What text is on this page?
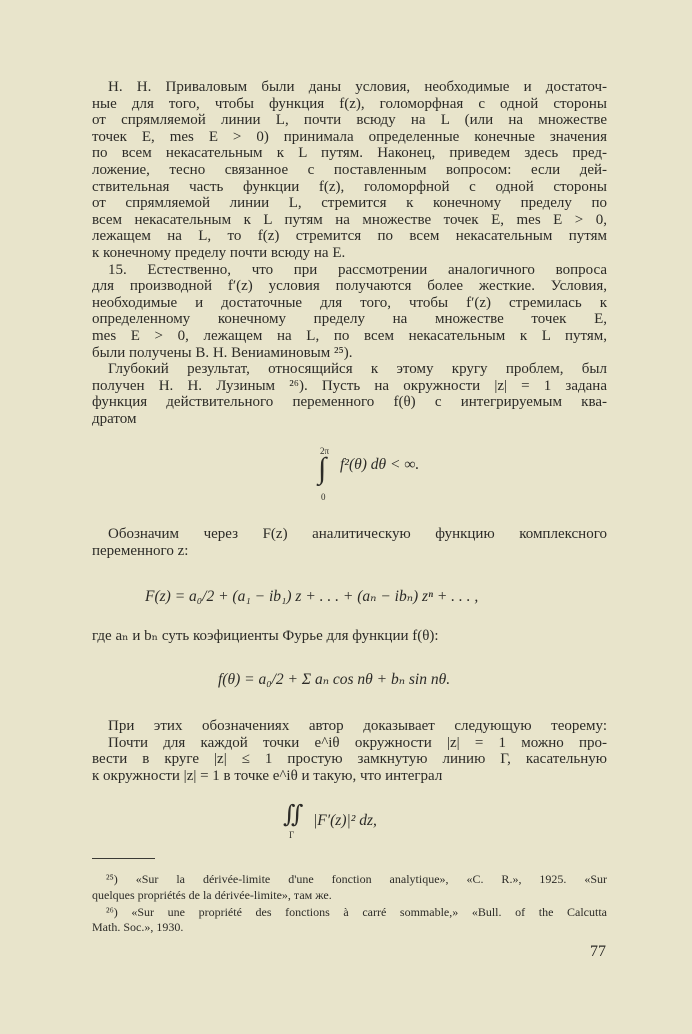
Н. Н. Приваловым были даны условия, необходимые и достаточ-
ные для того, чтобы функция f(z), голоморфная с одной стороны
от спрямляемой линии L, почти всюду на L (или на множестве
точек E, mes E > 0) принимала определенные конечные значения
по всем некасательным к L путям. Наконец, приведем здесь пред-
ложение, тесно связанное с поставленным вопросом: если дей-
ствительная часть функции f(z), голоморфной с одной стороны
от спрямляемой линии L, стремится к конечному пределу по
всем некасательным к L путям на множестве точек E, mes E > 0,
лежащем на L, то f(z) стремится по всем некасательным путям
к конечному пределу почти всюду на E.
15. Естественно, что при рассмотрении аналогичного вопроса
для производной f′(z) условия получаются более жесткие. Условия,
необходимые и достаточные для того, чтобы f′(z) стремилась к
определенному конечному пределу на множестве точек E,
mes E > 0, лежащем на L, по всем некасательным к L путям,
были получены В. Н. Вениаминовым ²⁵).
Глубокий результат, относящийся к этому кругу проблем, был
получен Н. Н. Лузиным ²⁶). Пусть на окружности |z| = 1 задана
функция действительного переменного f(θ) с интегрируемым ква-
дратом
Обозначим через F(z) аналитическую функцию комплексного
переменного z:
где aₙ и bₙ суть коэфициенты Фурье для функции f(θ):
При этих обозначениях автор доказывает следующую теорему:
Почти для каждой точки e^iθ окружности |z| = 1 можно про-
вести в круге |z| ≤ 1 простую замкнутую линию Γ, касательную
к окружности |z| = 1 в точке e^iθ и такую, что интеграл
∫
2π
0
f²(θ) dθ < ∞.
F(z) = a₀/2 + (a₁ − ib₁) z + . . . + (aₙ − ibₙ) zⁿ + . . . ,
f(θ) = a₀/2 + Σ aₙ cos nθ + bₙ sin nθ.
∬
Γ
|F′(z)|² dz,
²⁵) «Sur la dérivée-limite d'une fonction analytique», «C. R.», 1925. «Sur
quelques propriétés de la dérivée-limite», там же.
²⁶) «Sur une propriété des fonctions à carré sommable,» «Bull. of the Calcutta
Math. Soc.», 1930.
77
